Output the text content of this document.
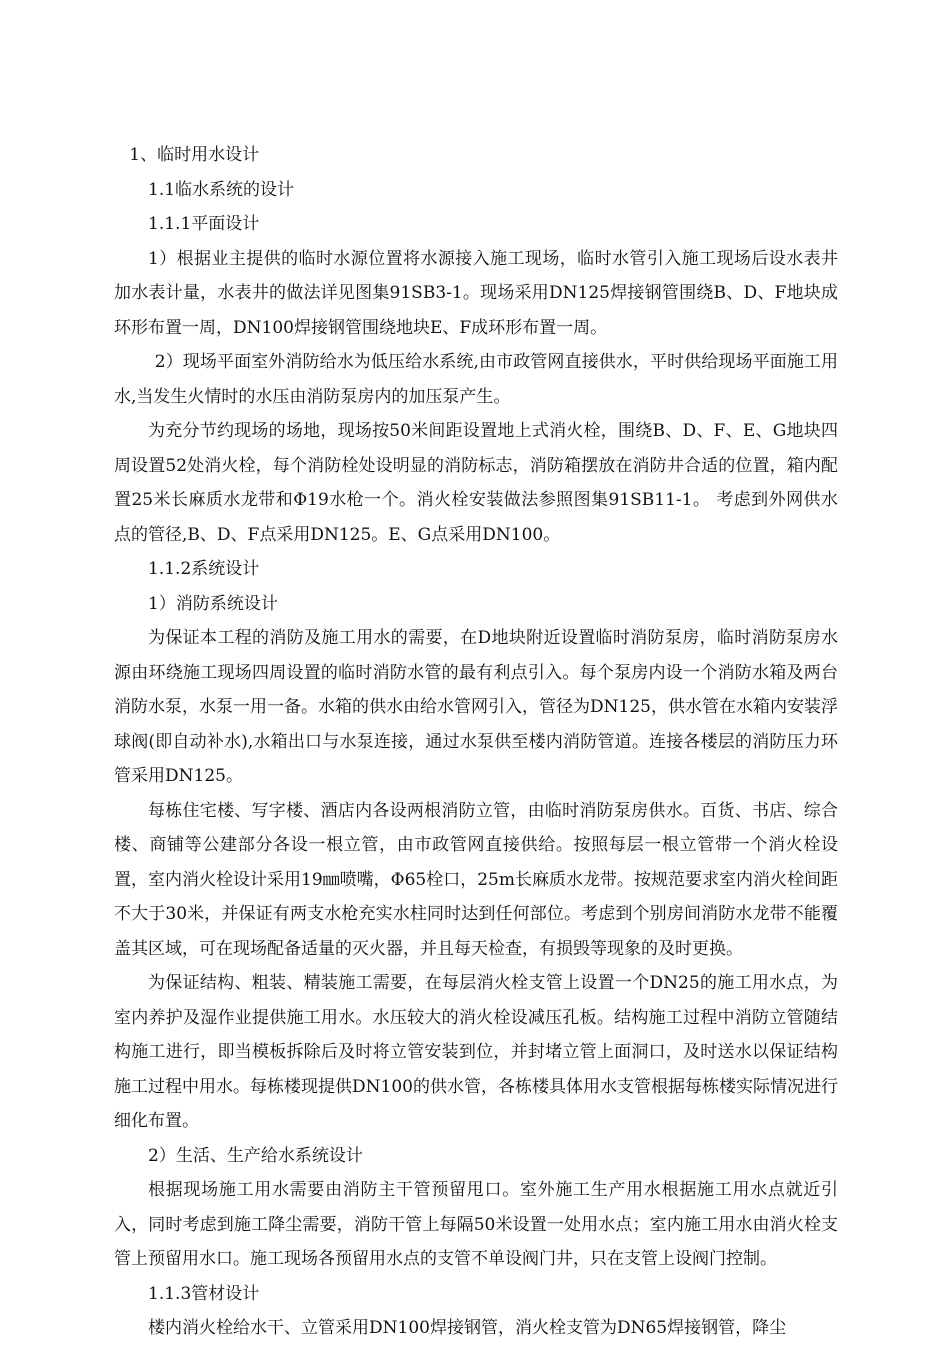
1、临时用水设计

1.1临水系统的设计

1.1.1平面设计

1）根据业主提供的临时水源位置将水源接入施工现场，临时水管引入施工现场后设水表井加水表计量，水表井的做法详见图集91SB3-1。现场采用DN125焊接钢管围绕B、D、F地块成环形布置一周，DN100焊接钢管围绕地块E、F成环形布置一周。

2）现场平面室外消防给水为低压给水系统,由市政管网直接供水，平时供给现场平面施工用水,当发生火情时的水压由消防泵房内的加压泵产生。

为充分节约现场的场地，现场按50米间距设置地上式消火栓，围绕B、D、F、E、G地块四周设置52处消火栓，每个消防栓处设明显的消防标志，消防箱摆放在消防井合适的位置，箱内配置25米长麻质水龙带和Φ19水枪一个。消火栓安装做法参照图集91SB11-1。 考虑到外网供水点的管径,B、D、F点采用DN125。E、G点采用DN100。

1.1.2系统设计

1）消防系统设计

为保证本工程的消防及施工用水的需要，在D地块附近设置临时消防泵房，临时消防泵房水源由环绕施工现场四周设置的临时消防水管的最有利点引入。每个泵房内设一个消防水箱及两台消防水泵，水泵一用一备。水箱的供水由给水管网引入，管径为DN125，供水管在水箱内安装浮球阀(即自动补水),水箱出口与水泵连接，通过水泵供至楼内消防管道。连接各楼层的消防压力环管采用DN125。

每栋住宅楼、写字楼、酒店内各设两根消防立管，由临时消防泵房供水。百货、书店、综合楼、商铺等公建部分各设一根立管，由市政管网直接供给。按照每层一根立管带一个消火栓设置，室内消火栓设计采用19㎜喷嘴，Φ65栓口，25m长麻质水龙带。按规范要求室内消火栓间距不大于30米，并保证有两支水枪充实水柱同时达到任何部位。考虑到个别房间消防水龙带不能覆盖其区域，可在现场配备适量的灭火器，并且每天检查，有损毁等现象的及时更换。

为保证结构、粗装、精装施工需要，在每层消火栓支管上设置一个DN25的施工用水点，为室内养护及湿作业提供施工用水。水压较大的消火栓设减压孔板。结构施工过程中消防立管随结构施工进行，即当模板拆除后及时将立管安装到位，并封堵立管上面洞口，及时送水以保证结构施工过程中用水。每栋楼现提供DN100的供水管，各栋楼具体用水支管根据每栋楼实际情况进行细化布置。

2）生活、生产给水系统设计

根据现场施工用水需要由消防主干管预留甩口。室外施工生产用水根据施工用水点就近引入，同时考虑到施工降尘需要，消防干管上每隔50米设置一处用水点；室内施工用水由消火栓支管上预留用水口。施工现场各预留用水点的支管不单设阀门井，只在支管上设阀门控制。

1.1.3管材设计

楼内消火栓给水干、立管采用DN100焊接钢管，消火栓支管为DN65焊接钢管，降尘
